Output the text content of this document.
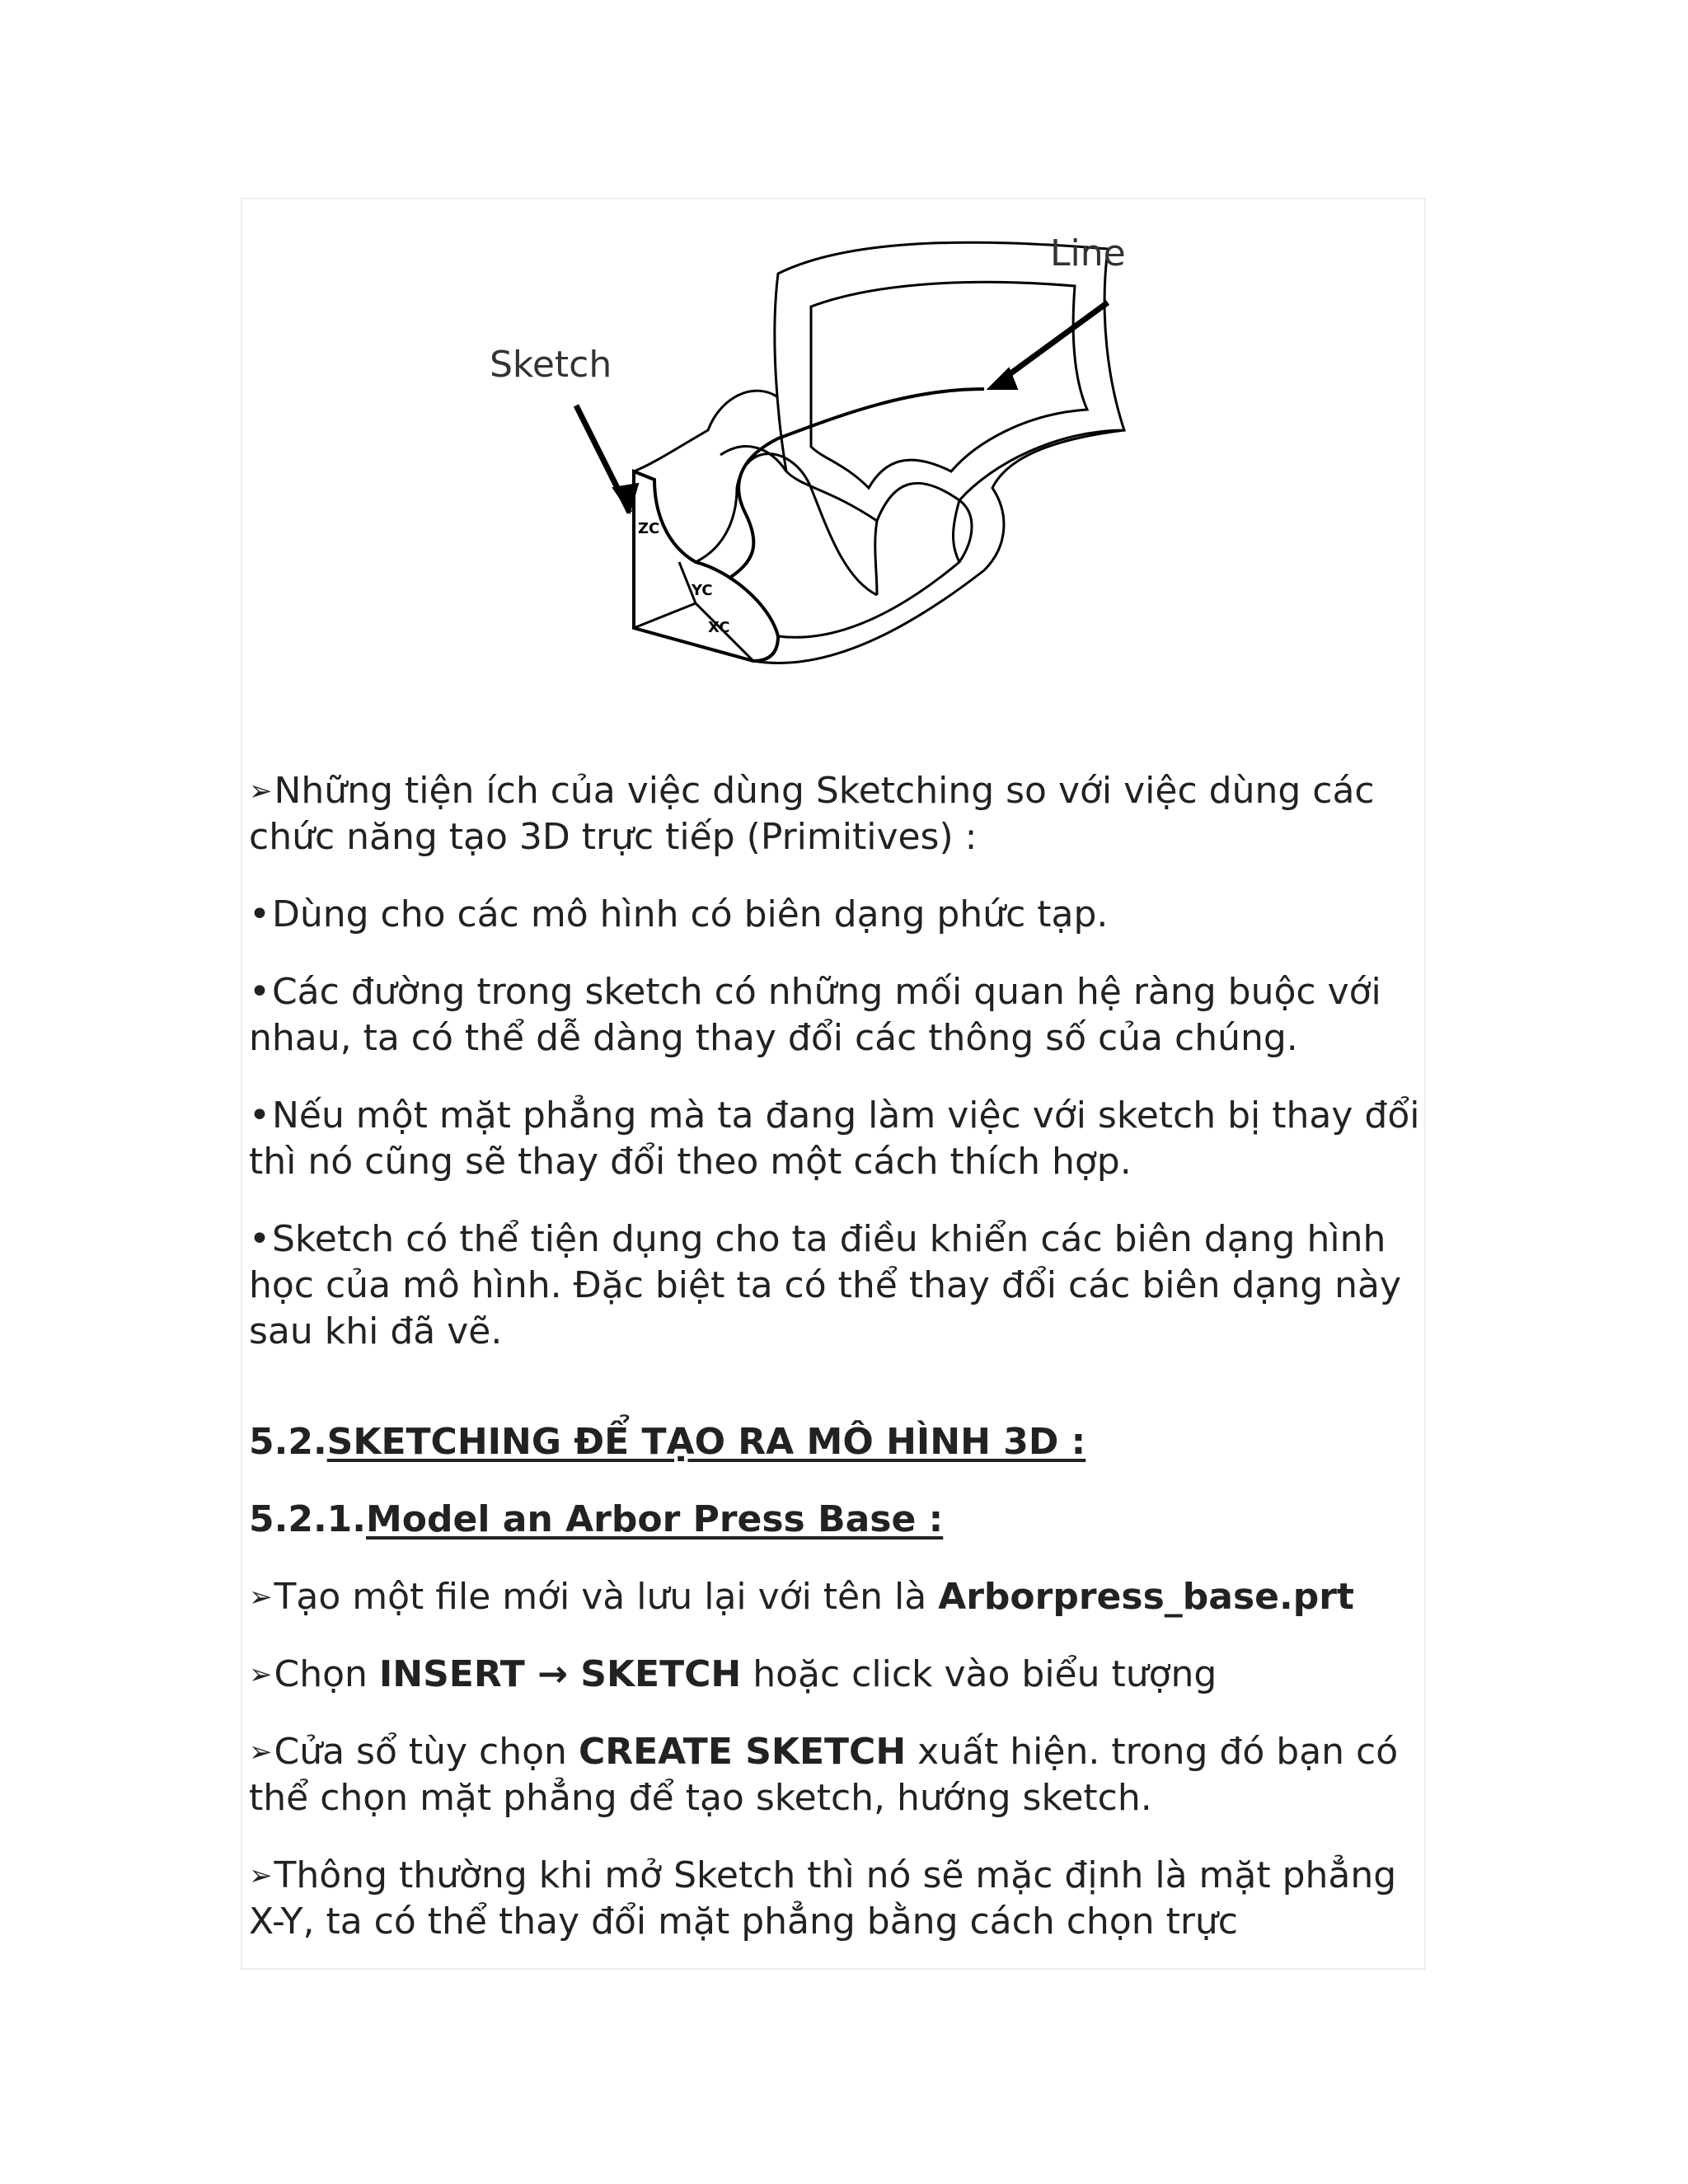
Sketch
Line
ZC
YC
XC

➢Những tiện ích của việc dùng Sketching so với việc dùng các chức năng tạo 3D trực tiếp (Primitives) :

•Dùng cho các mô hình có biên dạng phức tạp.

•Các đường trong sketch có những mối quan hệ ràng buộc với nhau, ta có thể dễ dàng thay đổi các thông số của chúng.

•Nếu một mặt phẳng mà ta đang làm việc với sketch bị thay đổi thì nó cũng sẽ thay đổi theo một cách thích hợp.

•Sketch có thể tiện dụng cho ta điều khiển các biên dạng hình học của mô hình. Đặc biệt ta có thể thay đổi các biên dạng này sau khi đã vẽ.

5.2.SKETCHING ĐỂ TẠO RA MÔ HÌNH 3D :

5.2.1.Model an Arbor Press Base :

➢Tạo một file mới và lưu lại với tên là Arborpress_base.prt

➢Chọn INSERT → SKETCH hoặc click vào biểu tượng

➢Cửa sổ tùy chọn CREATE SKETCH xuất hiện. trong đó bạn có thể chọn mặt phẳng để tạo sketch, hướng sketch.

➢Thông thường khi mở Sketch thì nó sẽ mặc định là mặt phẳng X-Y, ta có thể thay đổi mặt phẳng bằng cách chọn trực
